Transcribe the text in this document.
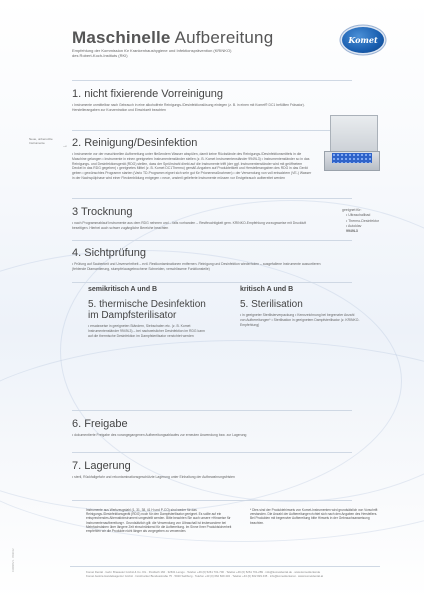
Maschinelle Aufbereitung
Empfehlung der Kommission für Krankenhaushygiene und Infektionsprävention (KRINKO)
des Robert-Koch-Instituts (RKI)
Komet
1. nicht fixierende Vorreinigung
• Instrumente unmittelbar nach Gebrauch in eine alkoholfreie Reinigungs-/Desinfektionslösung einlegen (z. B. in einen mit Komet® DC1 befüllten Fräsator). Herstellerangaben zur Konzentration und Einwirkzeit beachten
Neue, unbenutzte Instrumente
→ 2. Reinigung/Desinfektion
• Instrumente vor der maschinellen Aufbereitung unter fließendem Wasser abspülen, damit keine Rückstände des Reinigungs-/Desinfektionsmittels in die Maschine gelangen • Instrumente in einen geeigneten Instrumentenständer stellen (z. B. Komet Instrumentenständer 9949L3) • Instrumentenständer so in das Reinigungs- und Desinfektionsgerät (RDG) stellen, dass der Sprühstrahl direkt auf die Instrumente trifft (der ggf. Instrumentenständer wird mit geöffnetem Deckel in das RDG gegeben) • geeignetes Mittel (z. B. Komet DC1Thermo) gemäß Angaben auf Produktetikett und Herstellerangaben des RDG in das Gerät geben • gewünschtes Programm starten (Vario TD-Programm eignet sich sehr gut für Prionenmaßnahmen) • der Verwendung von voll entsalztem (VE-) Wasser in der Nachspülphase wird einer Fleckenbildung entgegen • neue, unsteril gelieferte Instrumente müssen vor Erstgebrauch aufbereitet werden
geeignet für:
• Ultraschallbad
• Thermo-Desinfektor
• Autoklav
9949L3
3 Trocknung
• nach Programmablauf Instrumente aus dem RDG nehmen und – falls vorhanden – Restfeuchtigkeit gem. KRINKO-Empfehlung vorzugsweise mit Druckluft beseitigen. Hierbei auch schwer zugängliche Bereiche beachten
4. Sichtprüfung
• Prüfung auf Sauberkeit und Unversehrtheit – evtl. Restkontaminationen entfernen. Reinigung und Desinfektion wiederholen – ausgefallene Instrumente aussortieren (fehlende Diamantierung, stumpfe/ausgebrochene Schneiden, verschlissene Funktionsteile)
semikritisch A und B
5. thermische Desinfektion
im Dampfsterilisator
• ersatzweise in geeigneten Ständern, Siebschalen etc. (z. B. Komet Instrumentenständer 9949L3) – bei nachweislicher Desinfektion im RDG kann auf die thermische Desinfektion im Dampfsterilisator verzichtet werden
kritisch A und B
5. Sterilisation
• in geeigneter Sterilisierverpackung • Kennzeichnung bei begrenzter Anzahl von Aufbereitungen* • Sterilisation in geeignetem Dampfsterilisator (z. KRINKO-Empfehlung)
6. Freigabe
• dokumentierte Freigabe des vorangegangenen Aufbereitungsablaufes zur erneuten Anwendung bzw. zur Lagerung
7. Lagerung
• steril, Rückfallgefahr und rekontaminationsgeschützte Lagerung unter Einhaltung der Aufbewahrungsfristen
Instrumente aus Werkzeugstahl (1, 31, 38, 41 H und P-CO) sind weder für das Reinigungs-/Desinfektionsgerät (RDG) noch für den Dampfsterilisator geeignet. Es sollte auf ein entsprechendes Alternativinstrument umgestellt werden. Bitte beachten Sie auch unsere »Hinweise für Instrumentenaufbereitung«. Grundsätzlich gilt: die Verwendung von Ultraschall ist insbesondere bei Mehrfachstaben über längere Zeit einschränkend für die Aufbereitung. Im Sinne Ihrer Produktsicherheit empfehlen wir die Produkte nicht länger als vorgegeben zu verwenden.
* Dies sind der Produktehinweis von Komet-Instrumenten wird grundsätzlich von Vorschrift verstanden. Die Anzahl der Aufbereitungen richtet sich nach den Angaben des Herstellers. Bei Produkten mit begrenzter Aufbereitung bitte Hinweis in der Gebrauchsanweisung beachten.
Komet Dental · Gebr. Brasseler GmbH & Co. KG · Postfach 160 · 32631 Lemgo · Telefon +49 (0) 5261 701-700 · Telefax +49 (0) 5261 701-289 · info@kometdental.de · www.kometdental.de
Komet Austria Handelsagentur GmbH · Innsbrucker Bundesstraße 75 · 5020 Salzburg · Telefon +43 (0) 662 829 434 · Telefax +43 (0) 662 829 435 · info@kometdental.at · www.kometdental.at
410826V1 · 05/2012
